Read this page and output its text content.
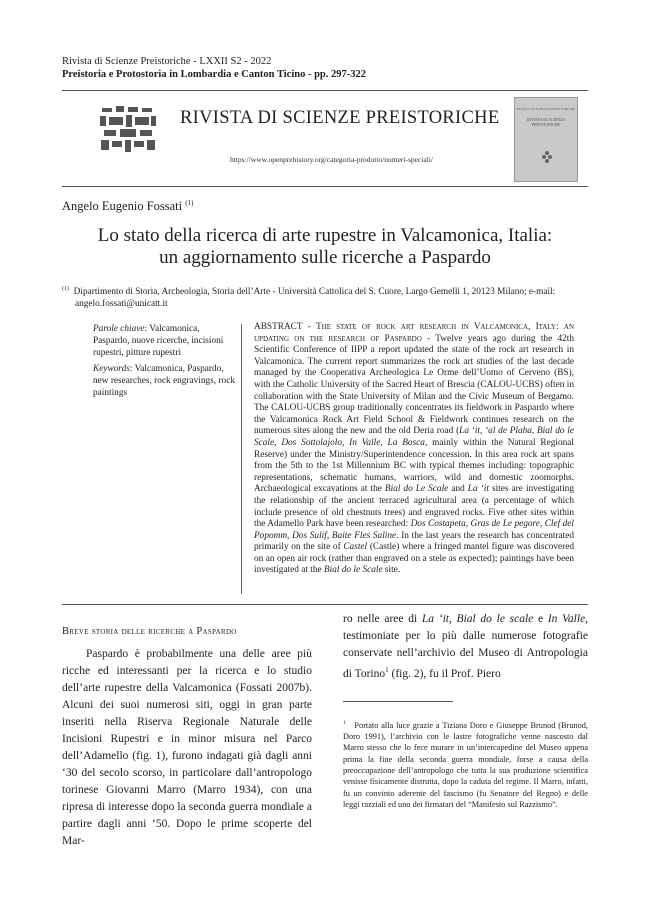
Rivista di Scienze Preistoriche - LXXII S2 - 2022
Preistoria e Protostoria in Lombardia e Canton Ticino - pp. 297-322
RIVISTA DI SCIENZE PREISTORICHE
https://www.openprehistory.org/categoria-prodotto/numeri-speciali/
RIVISTA DI SCIENZE PREISTORICHE
RIVISTA DI SCIENZE PREISTORICHE
Angelo Eugenio Fossati $^{(1)}$
Lo stato della ricerca di arte rupestre in Valcamonica, Italia:
un aggiornamento sulle ricerche a Paspardo
$^{(1)}$ Dipartimento di Storia, Archeologia, Storia dell’Arte - Università Cattolica del S. Cuore, Largo Gemelli 1, 20123 Milano; e-mail: angelo.fossati@unicatt.it

Parole chiave: Valcamonica, Paspardo, nuove ricerche, incisioni rupestri, pitture rupestri

Keywords: Valcamonica, Paspardo, new researches, rock engravings, rock paintings

ABSTRACT - The state of rock art research in Valcamonica, Italy: an updating on the research of Paspardo - Twelve years ago during the 42th Scientific Conference of IIPP a report updated the state of the rock art research in Valcamonica. The current report summarizes the rock art studies of the last decade managed by the Cooperativa Archeologica Le Orme dell’Uomo of Cerveno (BS), with the Catholic University of the Sacred Heart of Brescia (CALOU-UCBS) often in collaboration with the State University of Milan and the Civic Museum of Bergamo. The CALOU-UCBS group traditionally concentrates its fieldwork in Paspardo where the Valcamonica Rock Art Field School & Fieldwork continues research on the numerous sites along the new and the old Deria road (La ‘it, ‘al de Plaha, Bial do le Scale, Dos Sottolajolo, In Valle, La Bosca, mainly within the Natural Regional Reserve) under the Ministry/Superintendence concession. In this area rock art spans from the 5th to the 1st Millennium BC with typical themes including: topographic representations, schematic humans, warriors, wild and domestic zoomorphs. Archaeological excavations at the Bial do Le Scale and La ‘it sites are investigating the relationship of the ancient terraced agricultural area (a percentage of which include presence of old chestnuts trees) and engraved rocks. Five other sites within the Adamello Park have been researched: Dos Costapeta, Gras de Le pegore, Clef del Popomm, Dos Sulif, Baite Fles Saline. In the last years the research has concentrated primarily on the site of Castel (Castle) where a fringed mantel figure was discovered on an open air rock (rather than engraved on a stele as expected); paintings have been investigated at the Bial do le Scale site.
Breve storia delle ricerche a Paspardo
Paspardo è probabilmente una delle aree più ricche ed interessanti per la ricerca e lo studio dell’arte rupestre della Valcamonica (Fossati 2007b). Alcuni dei suoi numerosi siti, oggi in gran parte inseriti nella Riserva Regionale Naturale delle Incisioni Rupestri e in minor misura nel Parco dell’Adamello (fig. 1), furono indagati già dagli anni ‘30 del secolo scorso, in particolare dall’antropologo torinese Giovanni Marro (Marro 1934), con una ripresa di interesse dopo la seconda guerra mondiale a partire dagli anni ‘50. Dopo le prime scoperte del Mar-
ro nelle aree di La ‘it, Bial do le scale e In Valle, testimoniate per lo più dalle numerose fotografie conservate nell’archivio del Museo di Antropologia di Torino$^1$ (fig. 2), fu il Prof. Piero
$^1$ Portato alla luce grazie a Tiziana Doro e Giuseppe Brunod (Brunod, Doro 1991), l’archivio con le lastre fotografiche venne nascosto dal Marro stesso che lo fece murare in un’intercapedine del Museo appena prima la fine della seconda guerra mondiale, forse a causa della preoccupazione dell’antropologo che tutta la sua produzione scientifica venisse fisicamente distrutta, dopo la caduta del regime. Il Marro, infatti, fu un convinto aderente del fascismo (fu Senatore del Regno) e delle leggi razziali ed uno dei firmatari del “Manifesto sul Razzismo”.
